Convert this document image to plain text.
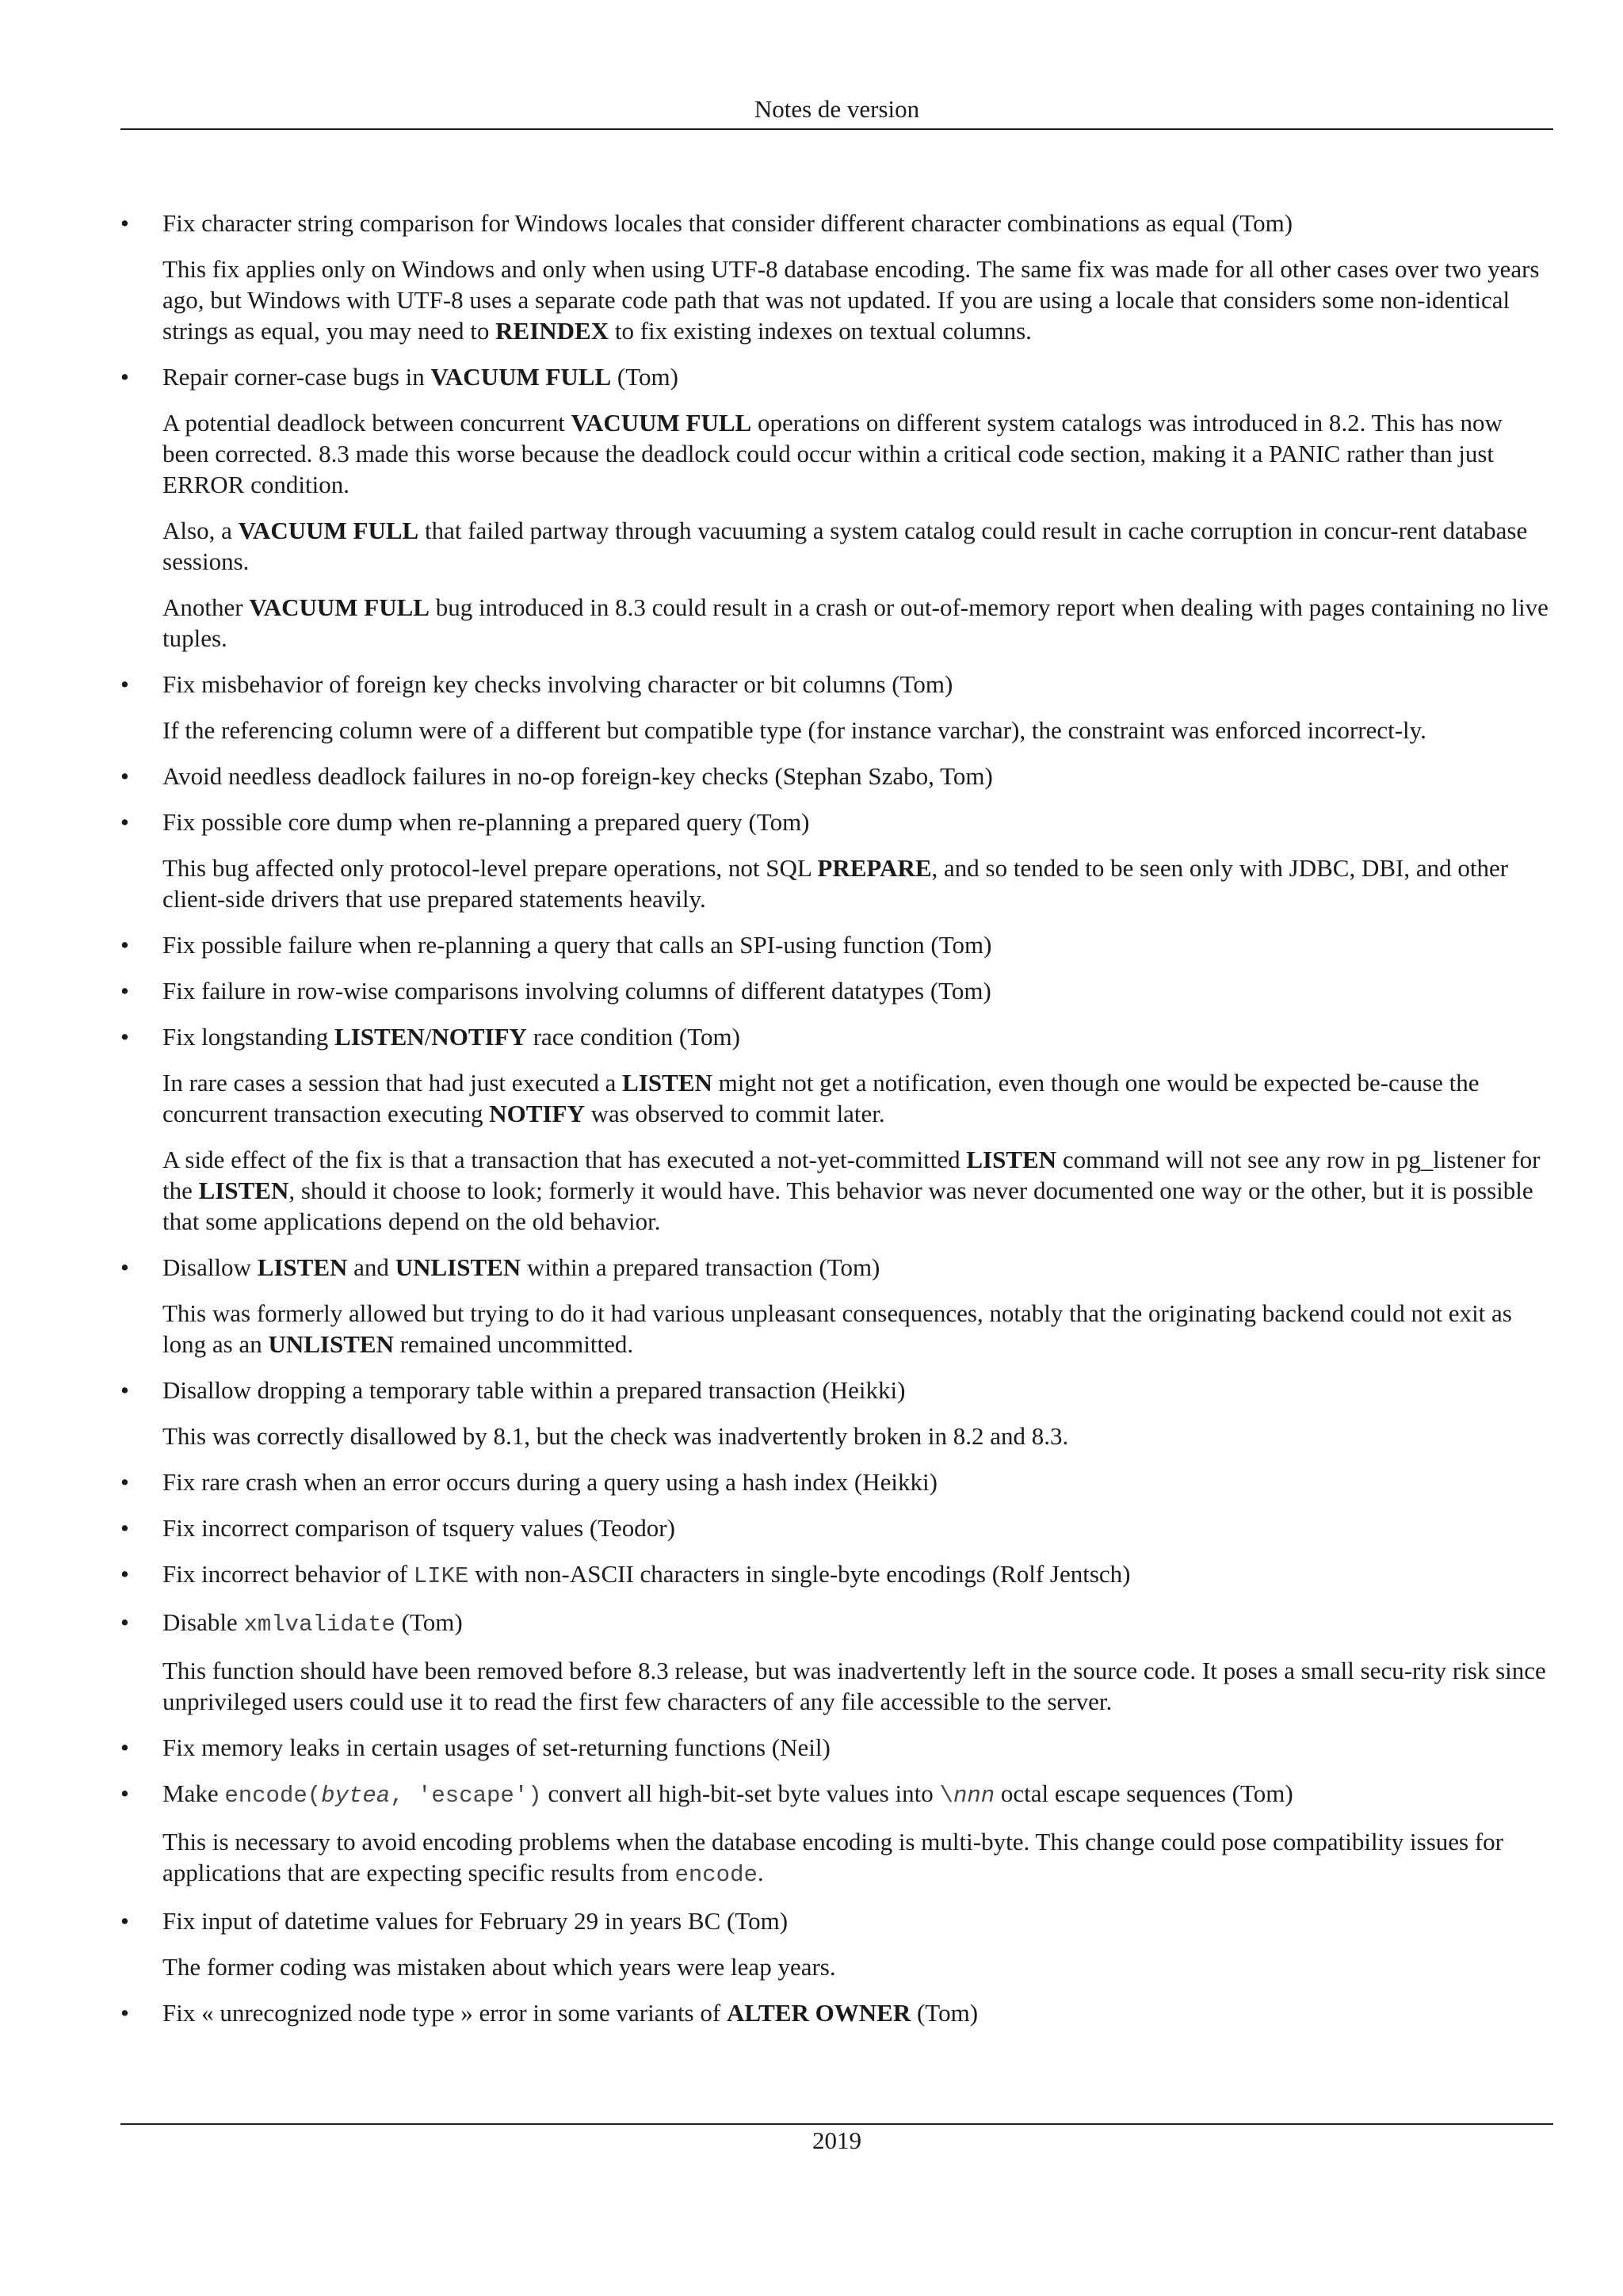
Notes de version
• Fix character string comparison for Windows locales that consider different character combinations as equal (Tom)

This fix applies only on Windows and only when using UTF-8 database encoding. The same fix was made for all other cases over two years ago, but Windows with UTF-8 uses a separate code path that was not updated. If you are using a locale that considers some non-identical strings as equal, you may need to REINDEX to fix existing indexes on textual columns.

• Repair corner-case bugs in VACUUM FULL (Tom)

A potential deadlock between concurrent VACUUM FULL operations on different system catalogs was introduced in 8.2. This has now been corrected. 8.3 made this worse because the deadlock could occur within a critical code section, making it a PANIC rather than just ERROR condition.

Also, a VACUUM FULL that failed partway through vacuuming a system catalog could result in cache corruption in concur-rent database sessions.

Another VACUUM FULL bug introduced in 8.3 could result in a crash or out-of-memory report when dealing with pages containing no live tuples.

• Fix misbehavior of foreign key checks involving character or bit columns (Tom)

If the referencing column were of a different but compatible type (for instance varchar), the constraint was enforced incorrect-ly.

• Avoid needless deadlock failures in no-op foreign-key checks (Stephan Szabo, Tom)

• Fix possible core dump when re-planning a prepared query (Tom)

This bug affected only protocol-level prepare operations, not SQL PREPARE, and so tended to be seen only with JDBC, DBI, and other client-side drivers that use prepared statements heavily.

• Fix possible failure when re-planning a query that calls an SPI-using function (Tom)

• Fix failure in row-wise comparisons involving columns of different datatypes (Tom)

• Fix longstanding LISTEN/NOTIFY race condition (Tom)

In rare cases a session that had just executed a LISTEN might not get a notification, even though one would be expected be-cause the concurrent transaction executing NOTIFY was observed to commit later.

A side effect of the fix is that a transaction that has executed a not-yet-committed LISTEN command will not see any row in pg_listener for the LISTEN, should it choose to look; formerly it would have. This behavior was never documented one way or the other, but it is possible that some applications depend on the old behavior.

• Disallow LISTEN and UNLISTEN within a prepared transaction (Tom)

This was formerly allowed but trying to do it had various unpleasant consequences, notably that the originating backend could not exit as long as an UNLISTEN remained uncommitted.

• Disallow dropping a temporary table within a prepared transaction (Heikki)

This was correctly disallowed by 8.1, but the check was inadvertently broken in 8.2 and 8.3.

• Fix rare crash when an error occurs during a query using a hash index (Heikki)

• Fix incorrect comparison of tsquery values (Teodor)

• Fix incorrect behavior of LIKE with non-ASCII characters in single-byte encodings (Rolf Jentsch)

• Disable xmlvalidate (Tom)

This function should have been removed before 8.3 release, but was inadvertently left in the source code. It poses a small secu-rity risk since unprivileged users could use it to read the first few characters of any file accessible to the server.

• Fix memory leaks in certain usages of set-returning functions (Neil)

• Make encode(bytea, 'escape') convert all high-bit-set byte values into \nnn octal escape sequences (Tom)

This is necessary to avoid encoding problems when the database encoding is multi-byte. This change could pose compatibility issues for applications that are expecting specific results from encode.

• Fix input of datetime values for February 29 in years BC (Tom)

The former coding was mistaken about which years were leap years.

• Fix « unrecognized node type » error in some variants of ALTER OWNER (Tom)

2019
